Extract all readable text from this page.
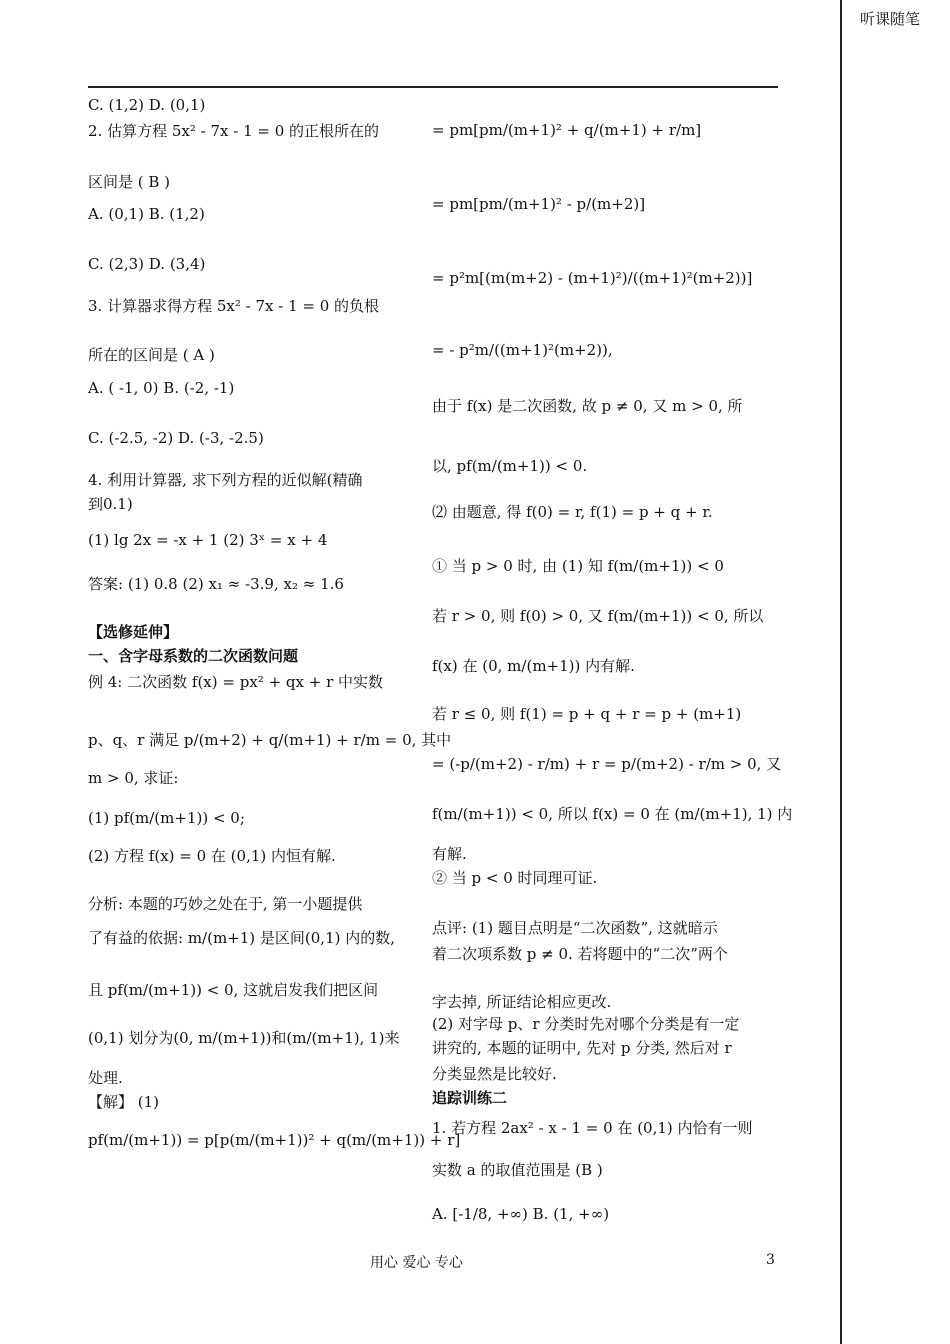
听课随笔
C. (1,2) D. (0,1)
2. 估算方程 5x² - 7x - 1 = 0 的正根所在的
区间是 ( B )
A. (0,1) B. (1,2)
C. (2,3) D. (3,4)
3. 计算器求得方程 5x² - 7x - 1 = 0 的负根
所在的区间是 ( A )
A. ( -1, 0) B. (-2, -1)
C. (-2.5, -2) D. (-3, -2.5)
4. 利用计算器, 求下列方程的近似解(精确
到0.1)
(1) lg 2x = -x + 1 (2) 3ˣ = x + 4
答案: (1) 0.8 (2) x₁ ≈ -3.9, x₂ ≈ 1.6
【选修延伸】
一、含字母系数的二次函数问题
例 4: 二次函数 f(x) = px² + qx + r 中实数
p、q、r 满足 p/(m+2) + q/(m+1) + r/m = 0, 其中
m > 0, 求证:
(1) pf(m/(m+1)) < 0;
(2) 方程 f(x) = 0 在 (0,1) 内恒有解.
分析: 本题的巧妙之处在于, 第一小题提供
了有益的依据: m/(m+1) 是区间(0,1) 内的数,
且 pf(m/(m+1)) < 0, 这就启发我们把区间
(0,1) 划分为(0, m/(m+1))和(m/(m+1), 1)来
处理.
【解】 (1)
pf(m/(m+1)) = p[p(m/(m+1))² + q(m/(m+1)) + r]
= pm[pm/(m+1)² + q/(m+1) + r/m]
= pm[pm/(m+1)² - p/(m+2)]
= p²m[(m(m+2) - (m+1)²)/((m+1)²(m+2))]
= - p²m/((m+1)²(m+2)),
由于 f(x) 是二次函数, 故 p ≠ 0, 又 m > 0, 所
以, pf(m/(m+1)) < 0.
⑵ 由题意, 得 f(0) = r, f(1) = p + q + r.
① 当 p > 0 时, 由 (1) 知 f(m/(m+1)) < 0
若 r > 0, 则 f(0) > 0, 又 f(m/(m+1)) < 0, 所以
f(x) 在 (0, m/(m+1)) 内有解.
若 r ≤ 0, 则 f(1) = p + q + r = p + (m+1)
= (-p/(m+2) - r/m) + r = p/(m+2) - r/m > 0, 又
f(m/(m+1)) < 0, 所以 f(x) = 0 在 (m/(m+1), 1) 内
有解.
② 当 p < 0 时同理可证.
点评: (1) 题目点明是“二次函数”, 这就暗示
着二次项系数 p ≠ 0. 若将题中的“二次”两个
字去掉, 所证结论相应更改.
(2) 对字母 p、r 分类时先对哪个分类是有一定
讲究的, 本题的证明中, 先对 p 分类, 然后对 r
分类显然是比较好.
追踪训练二
1. 若方程 2ax² - x - 1 = 0 在 (0,1) 内恰有一则
实数 a 的取值范围是 (B )
A. [-1/8, +∞) B. (1, +∞)
用心 爱心 专心	3
